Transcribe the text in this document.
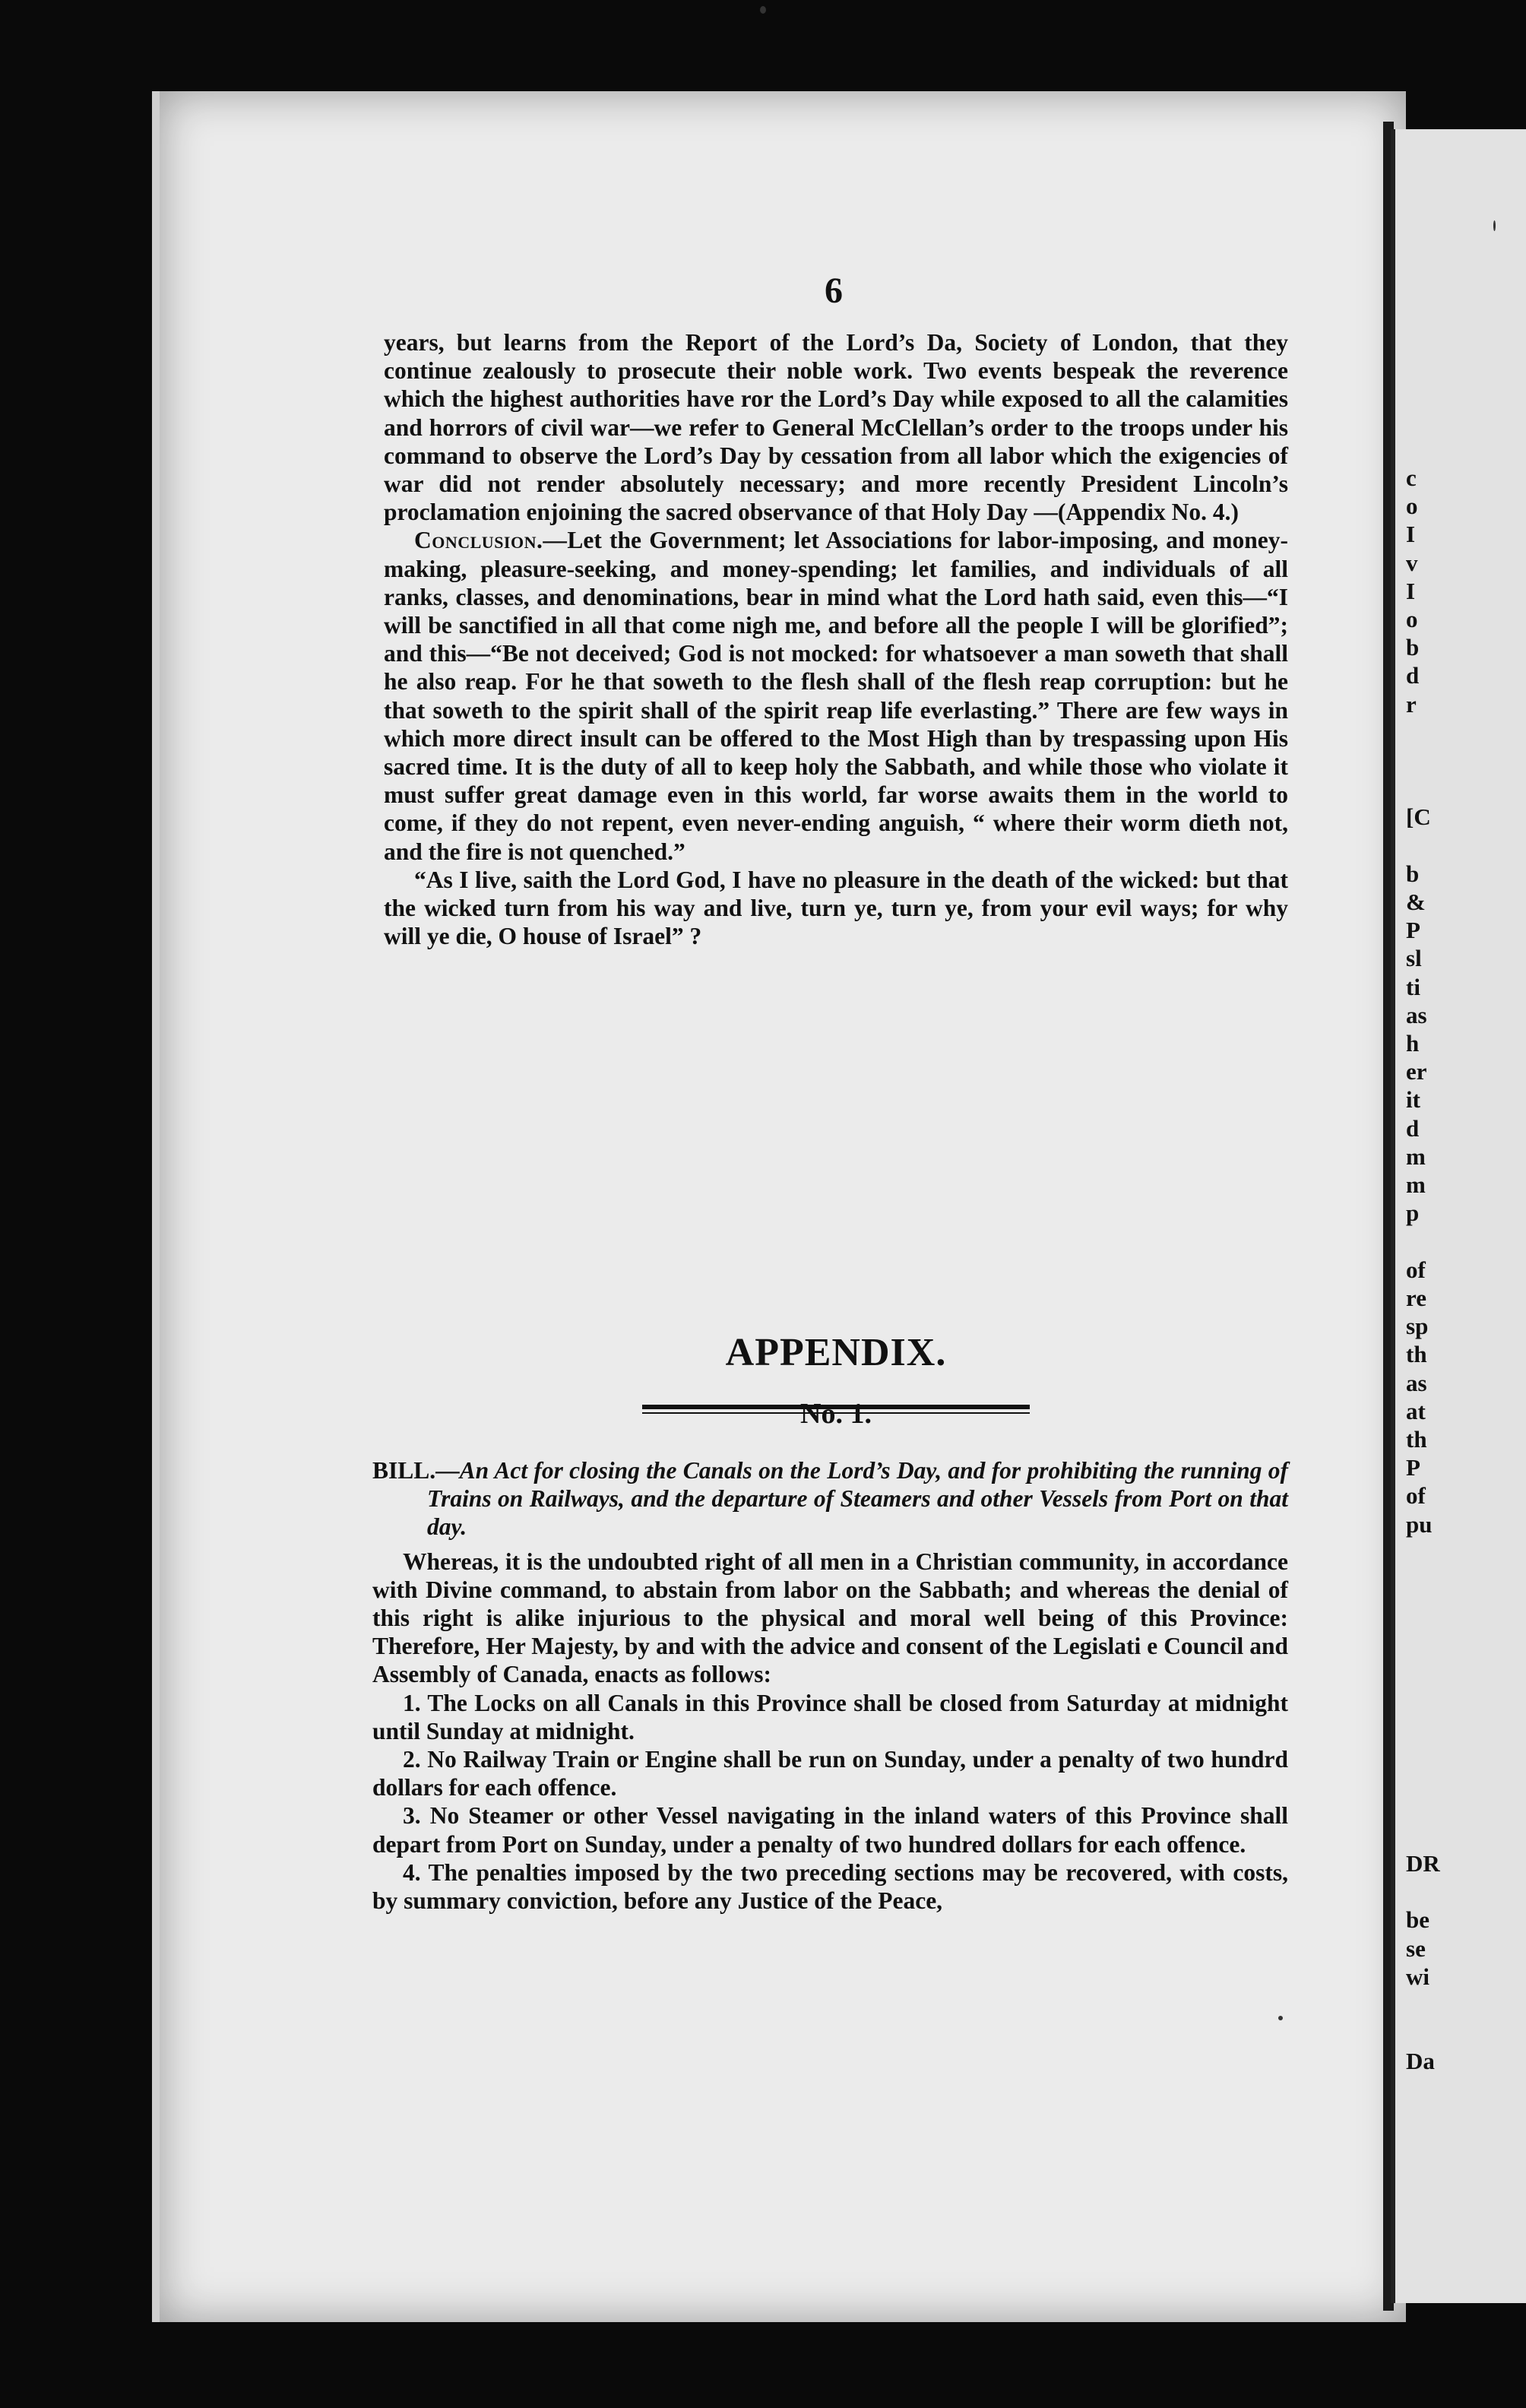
c
o
I
v
I
o
b
d
r

[C

b
&
P
sl
ti
as
h
er
it
d
m
m
p

of
re
sp
th
as
at
th
P
of
pu

DR

be
se
wi

Da
6

years, but learns from the Report of the Lord’s Da, Society of London, that they continue zealously to prosecute their noble work. Two events bespeak the reverence which the highest authorities have ror the Lord’s Day while exposed to all the calamities and horrors of civil war—we refer to General McClellan’s order to the troops under his command to observe the Lord’s Day by cessation from all labor which the exigencies of war did not render absolutely necessary; and more recently President Lincoln’s proclamation enjoining the sacred observance of that Holy Day —(Appendix No. 4.)

Conclusion.—Let the Government; let Associations for labor-imposing, and money-making, pleasure-seeking, and money-spending; let families, and individuals of all ranks, classes, and denominations, bear in mind what the Lord hath said, even this—“I will be sanctified in all that come nigh me, and before all the people I will be glorified”; and this—“Be not deceived; God is not mocked: for whatsoever a man soweth that shall he also reap. For he that soweth to the flesh shall of the flesh reap corruption: but he that soweth to the spirit shall of the spirit reap life everlasting.” There are few ways in which more direct insult can be offered to the Most High than by trespassing upon His sacred time. It is the duty of all to keep holy the Sabbath, and while those who violate it must suffer great damage even in this world, far worse awaits them in the world to come, if they do not repent, even never-ending anguish, “ where their worm dieth not, and the fire is not quenched.”

“As I live, saith the Lord God, I have no pleasure in the death of the wicked: but that the wicked turn from his way and live, turn ye, turn ye, from your evil ways; for why will ye die, O house of Israel” ?

APPENDIX.
No. 1.

BILL.—An Act for closing the Canals on the Lord’s Day, and for prohibiting the running of Trains on Railways, and the departure of Steamers and other Vessels from Port on that day.

Whereas, it is the undoubted right of all men in a Christian community, in accordance with Divine command, to abstain from labor on the Sabbath; and whereas the denial of this right is alike injurious to the physical and moral well being of this Province: Therefore, Her Majesty, by and with the advice and consent of the Legislati e Council and Assembly of Canada, enacts as follows:

1. The Locks on all Canals in this Province shall be closed from Saturday at midnight until Sunday at midnight.

2. No Railway Train or Engine shall be run on Sunday, under a penalty of two hundrd dollars for each offence.

3. No Steamer or other Vessel navigating in the inland waters of this Province shall depart from Port on Sunday, under a penalty of two hundred dollars for each offence.

4. The penalties imposed by the two preceding sections may be recovered, with costs, by summary conviction, before any Justice of the Peace,
